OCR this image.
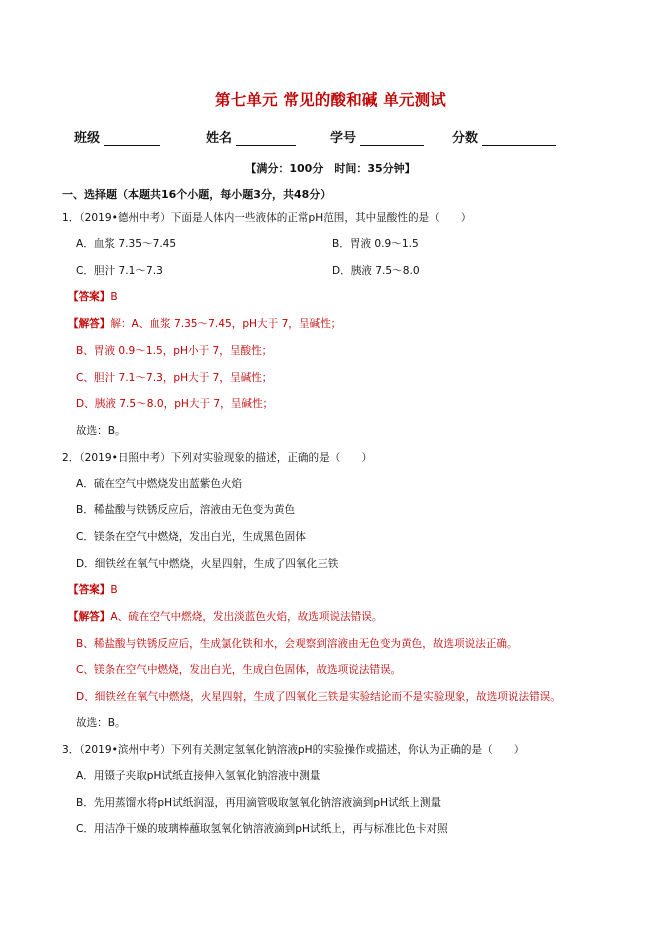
第七单元 常见的酸和碱 单元测试
班级	姓名	学号	分数
【满分：100分　时间：35分钟】
一、选择题（本题共16个小题，每小题3分，共48分）
1．（2019•德州中考）下面是人体内一些液体的正常pH范围，其中显酸性的是（　　）
A．血浆 7.35～7.45	B．胃液 0.9～1.5
C．胆汁 7.1～7.3	D．胰液 7.5～8.0
【答案】B
【解答】解：A、血浆 7.35～7.45，pH大于 7，呈碱性；
B、胃液 0.9～1.5，pH小于 7，呈酸性；
C、胆汁 7.1～7.3，pH大于 7，呈碱性；
D、胰液 7.5～8.0，pH大于 7，呈碱性；
故选：B。
2．（2019•日照中考）下列对实验现象的描述，正确的是（　　）
A．硫在空气中燃烧发出蓝紫色火焰
B．稀盐酸与铁锈反应后，溶液由无色变为黄色
C．镁条在空气中燃烧，发出白光，生成黑色固体
D．细铁丝在氧气中燃烧，火星四射，生成了四氧化三铁
【答案】B
【解答】A、硫在空气中燃烧，发出淡蓝色火焰，故选项说法错误。
B、稀盐酸与铁锈反应后，生成氯化铁和水，会观察到溶液由无色变为黄色，故选项说法正确。
C、镁条在空气中燃烧，发出白光，生成白色固体，故选项说法错误。
D、细铁丝在氧气中燃烧，火星四射，生成了四氧化三铁是实验结论而不是实验现象，故选项说法错误。
故选：B。
3．（2019•滨州中考）下列有关测定氢氧化钠溶液pH的实验操作或描述，你认为正确的是（　　）
A．用镊子夹取pH试纸直接伸入氢氧化钠溶液中测量
B．先用蒸馏水将pH试纸润湿，再用滴管吸取氢氧化钠溶液滴到pH试纸上测量
C．用洁净干燥的玻璃棒蘸取氢氧化钠溶液滴到pH试纸上，再与标准比色卡对照
